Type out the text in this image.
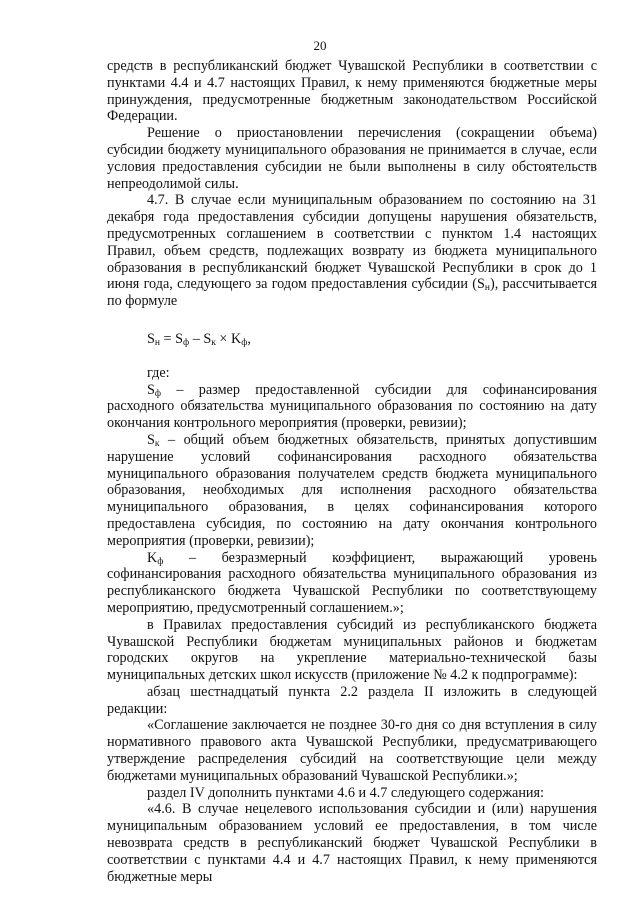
20

средств в республиканский бюджет Чувашской Республики в соответствии с пунктами 4.4 и 4.7 настоящих Правил, к нему применяются бюджетные меры принуждения, предусмотренные бюджетным законодательством Российской Федерации.

Решение о приостановлении перечисления (сокращении объема) субсидии бюджету муниципального образования не принимается в случае, если условия предоставления субсидии не были выполнены в силу обстоятельств непреодолимой силы.

4.7. В случае если муниципальным образованием по состоянию на 31 декабря года предоставления субсидии допущены нарушения обязательств, предусмотренных соглашением в соответствии с пунктом 1.4 настоящих Правил, объем средств, подлежащих возврату из бюджета муниципального образования в республиканский бюджет Чувашской Республики в срок до 1 июня года, следующего за годом предоставления субсидии $(S_н)$, рассчитывается по формуле

$S_н = S_ф - S_к \times K_ф$,

где:

$S_ф$ – размер предоставленной субсидии для софинансирования расходного обязательства муниципального образования по состоянию на дату окончания контрольного мероприятия (проверки, ревизии);

$S_к$ – общий объем бюджетных обязательств, принятых допустившим нарушение условий софинансирования расходного обязательства муниципального образования получателем средств бюджета муниципального образования, необходимых для исполнения расходного обязательства муниципального образования, в целях софинансирования которого предоставлена субсидия, по состоянию на дату окончания контрольного мероприятия (проверки, ревизии);

$K_ф$ – безразмерный коэффициент, выражающий уровень софинансирования расходного обязательства муниципального образования из республиканского бюджета Чувашской Республики по соответствующему мероприятию, предусмотренный соглашением.»;

в Правилах предоставления субсидий из республиканского бюджета Чувашской Республики бюджетам муниципальных районов и бюджетам городских округов на укрепление материально-технической базы муниципальных детских школ искусств (приложение № 4.2 к подпрограмме):

абзац шестнадцатый пункта 2.2 раздела II изложить в следующей редакции:

«Соглашение заключается не позднее 30-го дня со дня вступления в силу нормативного правового акта Чувашской Республики, предусматривающего утверждение распределения субсидий на соответствующие цели между бюджетами муниципальных образований Чувашской Республики.»;

раздел IV дополнить пунктами 4.6 и 4.7 следующего содержания:

«4.6. В случае нецелевого использования субсидии и (или) нарушения муниципальным образованием условий ее предоставления, в том числе невозврата средств в республиканский бюджет Чувашской Республики в соответствии с пунктами 4.4 и 4.7 настоящих Правил, к нему применяются бюджетные меры
